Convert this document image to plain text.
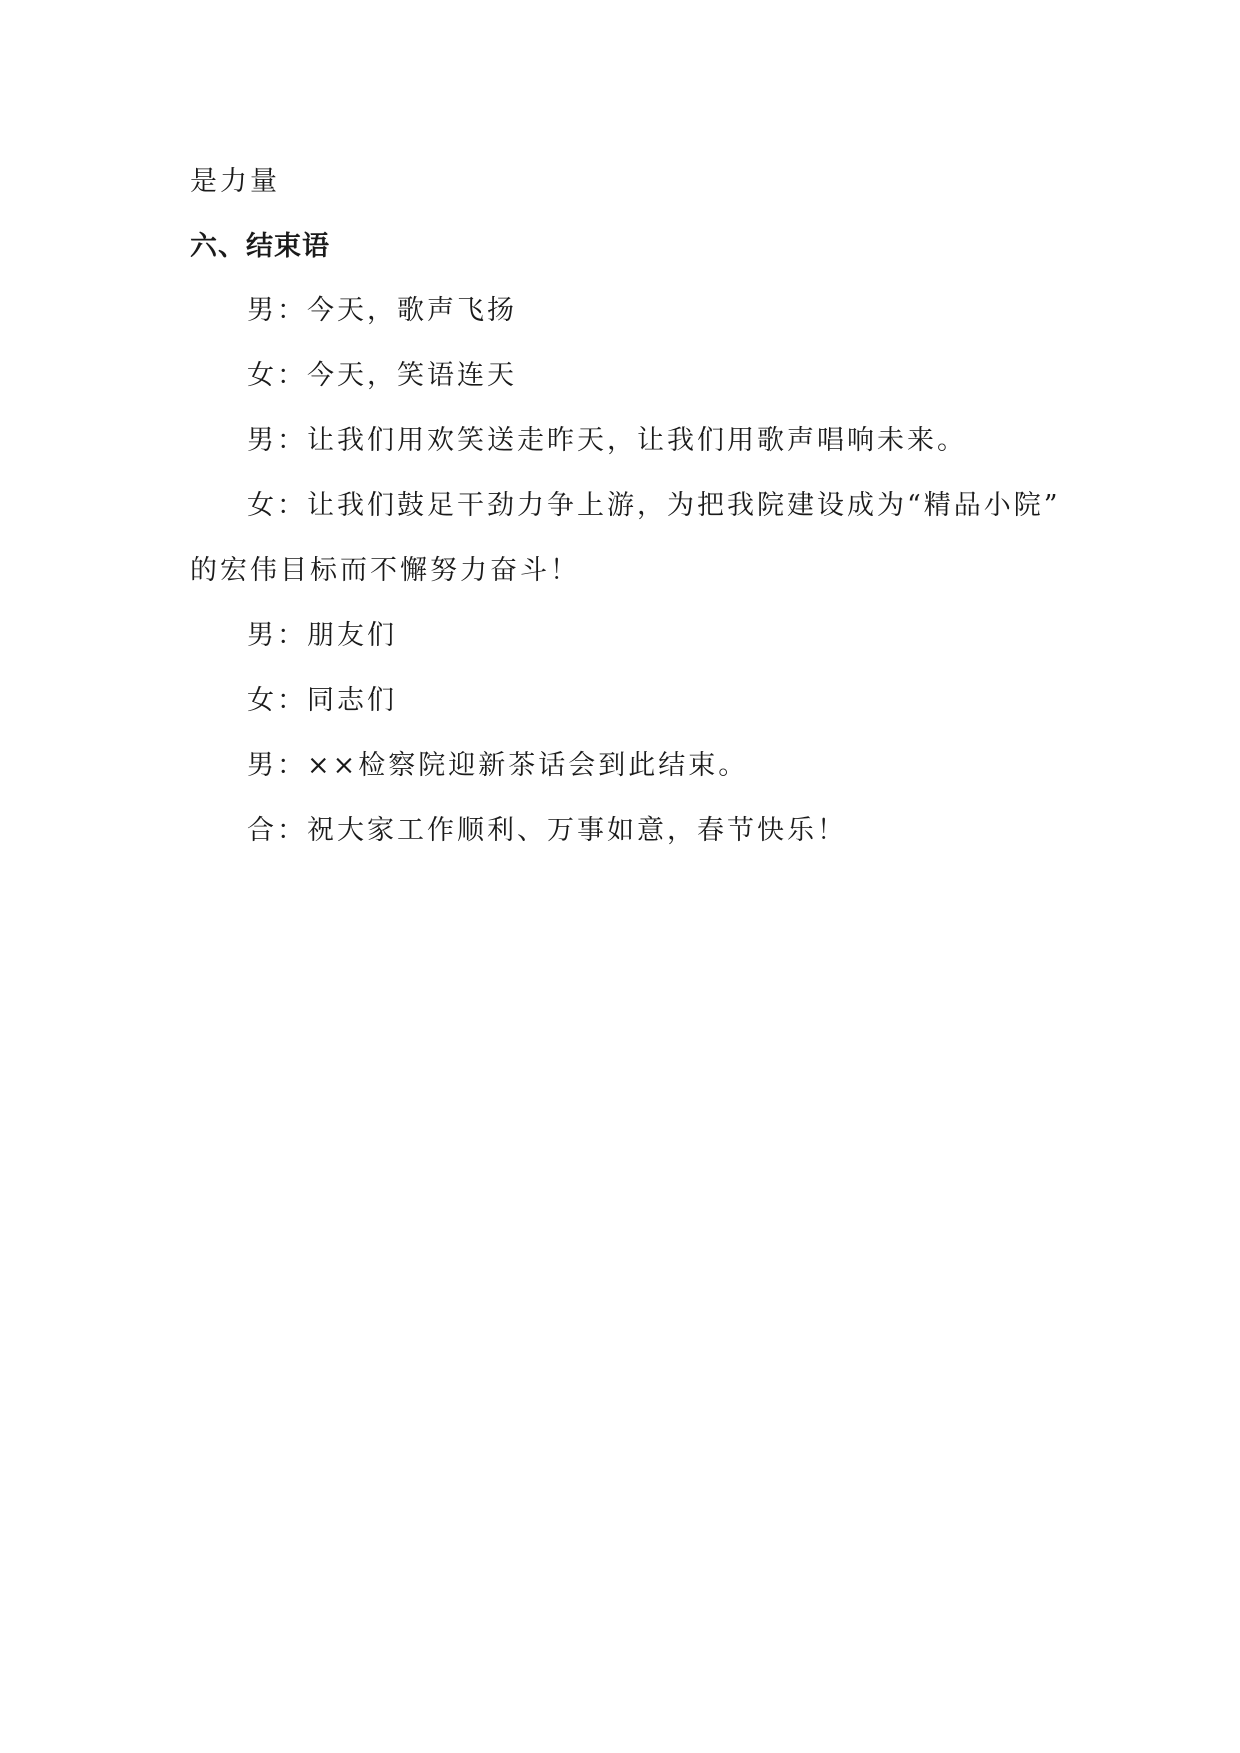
是力量
六、结束语
男：今天，歌声飞扬
女：今天，笑语连天
男：让我们用欢笑送走昨天，让我们用歌声唱响未来。
女：让我们鼓足干劲力争上游，为把我院建设成为“精品小院”
的宏伟目标而不懈努力奋斗！
男：朋友们
女：同志们
男：××检察院迎新茶话会到此结束。
合：祝大家工作顺利、万事如意，春节快乐！
